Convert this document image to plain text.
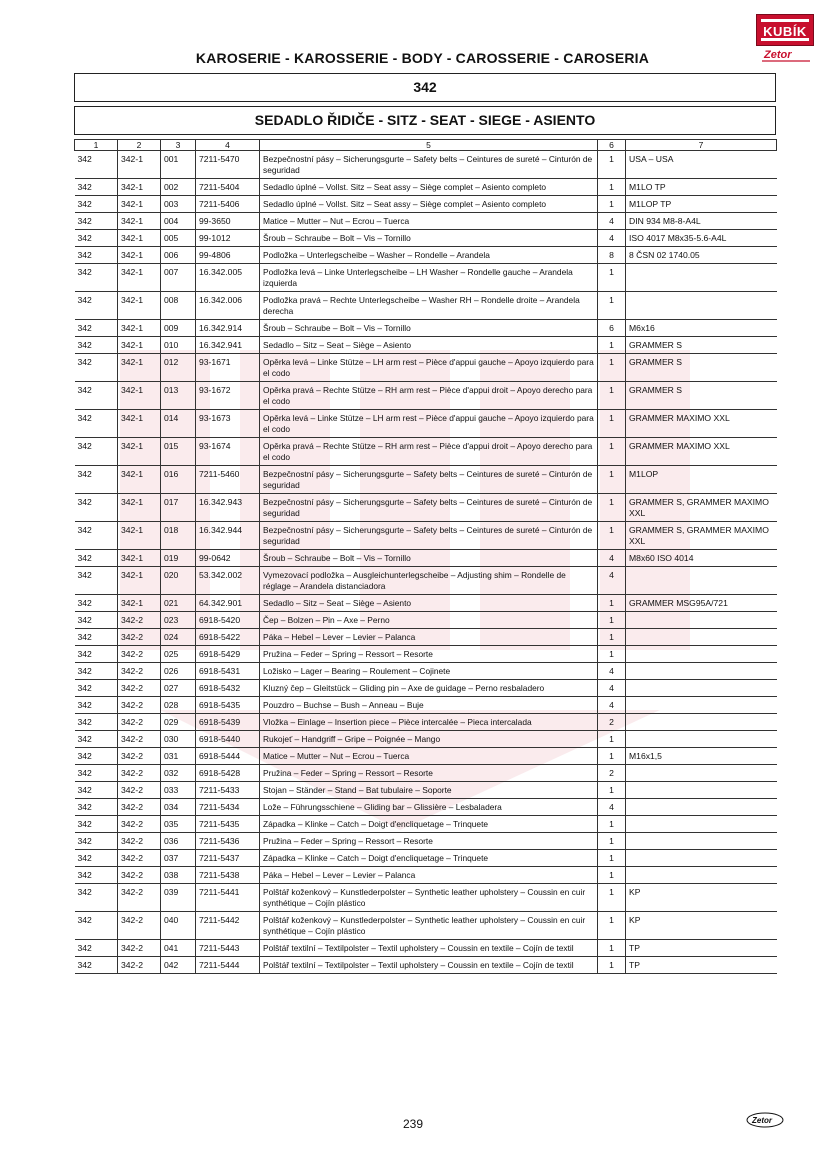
KUBÍK
Zetor
KAROSERIE - KAROSSERIE - BODY - CAROSSERIE - CAROSERIA
342
SEDADLO ŘIDIČE - SITZ - SEAT - SIEGE - ASIENTO
1	2	3	4	5	6	7
342	342-1	001	7211-5470	Bezpečnostní pásy – Sicherungsgurte – Safety belts – Ceintures de sureté – Cinturón de seguridad	1	USA – USA
342	342-1	002	7211-5404	Sedadlo úplné – Vollst. Sitz – Seat assy – Siège complet – Asiento completo	1	M1LO TP
342	342-1	003	7211-5406	Sedadlo úplné – Vollst. Sitz – Seat assy – Siège complet – Asiento completo	1	M1LOP TP
342	342-1	004	99-3650	Matice – Mutter – Nut – Ecrou – Tuerca	4	DIN 934 M8-8-A4L
342	342-1	005	99-1012	Šroub – Schraube – Bolt – Vis – Tornillo	4	ISO 4017 M8x35-5.6-A4L
342	342-1	006	99-4806	Podložka – Unterlegscheibe – Washer – Rondelle – Arandela	8	8 ČSN 02 1740.05
342	342-1	007	16.342.005	Podložka levá – Linke Unterlegscheibe – LH Washer – Rondelle gauche – Arandela izquierda	1	
342	342-1	008	16.342.006	Podložka pravá – Rechte Unterlegscheibe – Washer RH – Rondelle droite – Arandela derecha	1	
342	342-1	009	16.342.914	Šroub – Schraube – Bolt – Vis – Tornillo	6	M6x16
342	342-1	010	16.342.941	Sedadlo – Sitz – Seat – Siège – Asiento	1	GRAMMER S
342	342-1	012	93-1671	Opěrka levá – Linke Stütze – LH arm rest – Pièce d'appui gauche – Apoyo izquierdo para el codo	1	GRAMMER S
342	342-1	013	93-1672	Opěrka pravá – Rechte Stütze – RH arm rest – Pièce d'appui droit – Apoyo derecho para el codo	1	GRAMMER S
342	342-1	014	93-1673	Opěrka levá – Linke Stütze – LH arm rest – Pièce d'appui gauche – Apoyo izquierdo para el codo	1	GRAMMER MAXIMO XXL
342	342-1	015	93-1674	Opěrka pravá – Rechte Stütze – RH arm rest – Pièce d'appui droit – Apoyo derecho para el codo	1	GRAMMER MAXIMO XXL
342	342-1	016	7211-5460	Bezpečnostní pásy – Sicherungsgurte – Safety belts – Ceintures de sureté – Cinturón de seguridad	1	M1LOP
342	342-1	017	16.342.943	Bezpečnostní pásy – Sicherungsgurte – Safety belts – Ceintures de sureté – Cinturón de seguridad	1	GRAMMER S, GRAMMER MAXIMO XXL
342	342-1	018	16.342.944	Bezpečnostní pásy – Sicherungsgurte – Safety belts – Ceintures de sureté – Cinturón de seguridad	1	GRAMMER S, GRAMMER MAXIMO XXL
342	342-1	019	99-0642	Šroub – Schraube – Bolt – Vis – Tornillo	4	M8x60 ISO 4014
342	342-1	020	53.342.002	Vymezovací podložka – Ausgleichunterlegscheibe – Adjusting shim – Rondelle de réglage – Arandela distanciadora	4	
342	342-1	021	64.342.901	Sedadlo – Sitz – Seat – Siège – Asiento	1	GRAMMER MSG95A/721
342	342-2	023	6918-5420	Čep – Bolzen – Pin – Axe – Perno	1	
342	342-2	024	6918-5422	Páka – Hebel – Lever – Levier – Palanca	1	
342	342-2	025	6918-5429	Pružina – Feder – Spring – Ressort – Resorte	1	
342	342-2	026	6918-5431	Ložisko – Lager – Bearing – Roulement – Cojinete	4	
342	342-2	027	6918-5432	Kluzný čep – Gleitstück – Gliding pin – Axe de guidage – Perno resbaladero	4	
342	342-2	028	6918-5435	Pouzdro – Buchse – Bush – Anneau – Buje	4	
342	342-2	029	6918-5439	Vložka – Einlage – Insertion piece – Pièce intercalée – Pieca intercalada	2	
342	342-2	030	6918-5440	Rukojeť – Handgriff – Gripe – Poignée – Mango	1	
342	342-2	031	6918-5444	Matice – Mutter – Nut – Ecrou – Tuerca	1	M16x1,5
342	342-2	032	6918-5428	Pružina – Feder – Spring – Ressort – Resorte	2	
342	342-2	033	7211-5433	Stojan – Ständer – Stand – Bat tubulaire – Soporte	1	
342	342-2	034	7211-5434	Lože – Führungsschiene – Gliding bar – Glissière – Lesbaladera	4	
342	342-2	035	7211-5435	Západka – Klinke – Catch – Doigt d'encliquetage – Trinquete	1	
342	342-2	036	7211-5436	Pružina – Feder – Spring – Ressort – Resorte	1	
342	342-2	037	7211-5437	Západka – Klinke – Catch – Doigt d'encliquetage – Trinquete	1	
342	342-2	038	7211-5438	Páka – Hebel – Lever – Levier – Palanca	1	
342	342-2	039	7211-5441	Polštář koženkový – Kunstlederpolster – Synthetic leather upholstery – Coussin en cuir synthétique – Cojín plástico	1	KP
342	342-2	040	7211-5442	Polštář koženkový – Kunstlederpolster – Synthetic leather upholstery – Coussin en cuir synthétique – Cojín plástico	1	KP
342	342-2	041	7211-5443	Polštář textilní – Textilpolster – Textil upholstery – Coussin en textile – Cojín de textil	1	TP
342	342-2	042	7211-5444	Polštář textilní – Textilpolster – Textil upholstery – Coussin en textile – Cojín de textil	1	TP
239	Zetor
